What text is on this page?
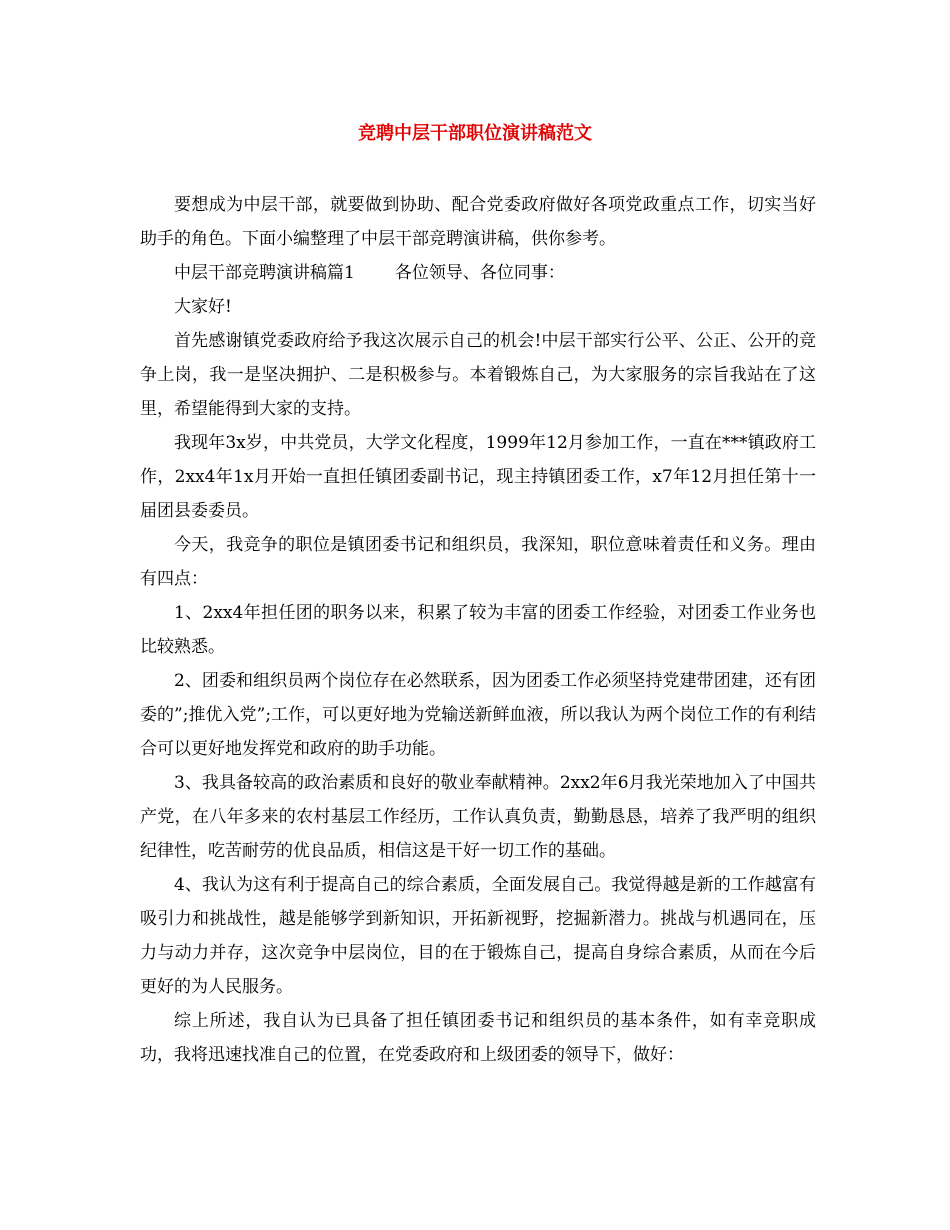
竞聘中层干部职位演讲稿范文

要想成为中层干部，就要做到协助、配合党委政府做好各项党政重点工作，切实当好助手的角色。下面小编整理了中层干部竞聘演讲稿，供你参考。

中层干部竞聘演讲稿篇1 各位领导、各位同事：

大家好!

首先感谢镇党委政府给予我这次展示自己的机会!中层干部实行公平、公正、公开的竞争上岗，我一是坚决拥护、二是积极参与。本着锻炼自己，为大家服务的宗旨我站在了这里，希望能得到大家的支持。

我现年3x岁，中共党员，大学文化程度，1999年12月参加工作，一直在***镇政府工作，2xx4年1x月开始一直担任镇团委副书记，现主持镇团委工作，x7年12月担任第十一届团县委委员。

今天，我竞争的职位是镇团委书记和组织员，我深知，职位意味着责任和义务。理由有四点：

1、2xx4年担任团的职务以来，积累了较为丰富的团委工作经验，对团委工作业务也比较熟悉。

2、团委和组织员两个岗位存在必然联系，因为团委工作必须坚持党建带团建，还有团委的”;推优入党”;工作，可以更好地为党输送新鲜血液，所以我认为两个岗位工作的有利结合可以更好地发挥党和政府的助手功能。

3、我具备较高的政治素质和良好的敬业奉献精神。2xx2年6月我光荣地加入了中国共产党，在八年多来的农村基层工作经历，工作认真负责，勤勤恳恳，培养了我严明的组织纪律性，吃苦耐劳的优良品质，相信这是干好一切工作的基础。

4、我认为这有利于提高自己的综合素质，全面发展自己。我觉得越是新的工作越富有吸引力和挑战性，越是能够学到新知识，开拓新视野，挖掘新潜力。挑战与机遇同在，压力与动力并存，这次竞争中层岗位，目的在于锻炼自己，提高自身综合素质，从而在今后更好的为人民服务。

综上所述，我自认为已具备了担任镇团委书记和组织员的基本条件，如有幸竞职成功，我将迅速找准自己的位置，在党委政府和上级团委的领导下，做好：
